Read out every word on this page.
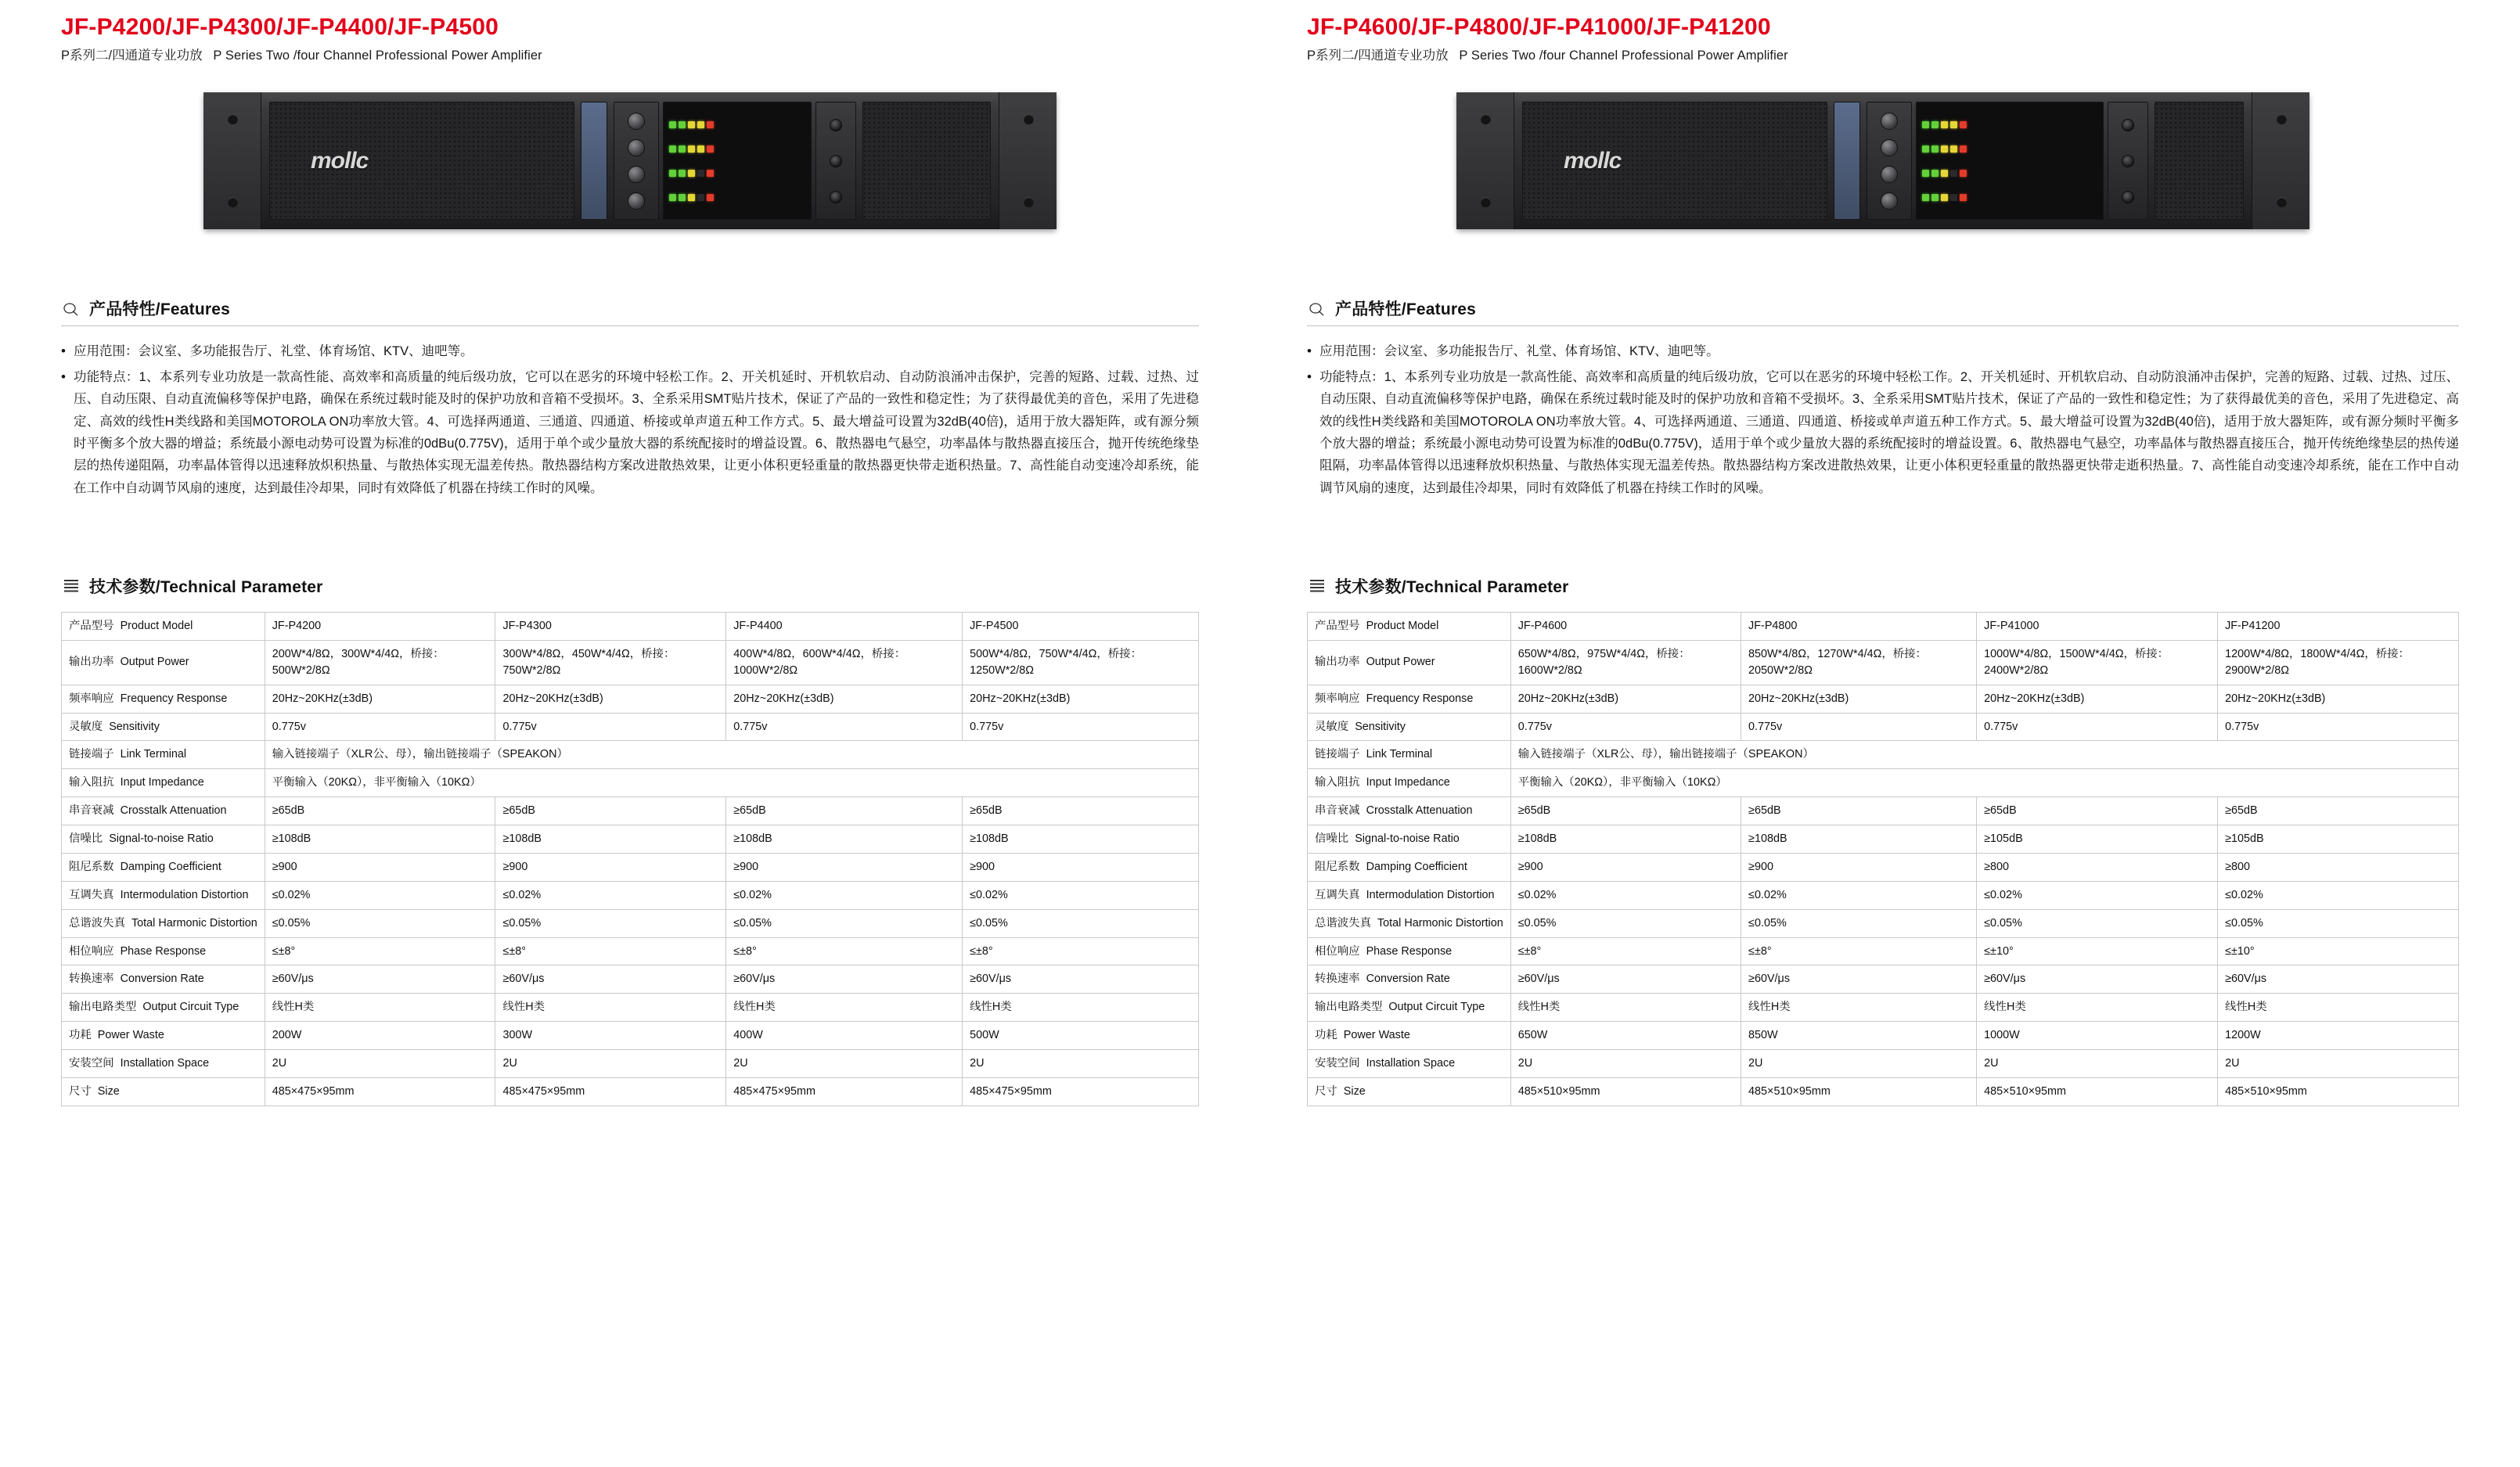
JF-P4200/JF-P4300/JF-P4400/JF-P4500

P系列二/四通道专业功放 P Series Two /four Channel Professional Power Amplifier

mollc
产品特性/Features
• 应用范围：会议室、多功能报告厅、礼堂、体育场馆、KTV、迪吧等。
• 功能特点：1、本系列专业功放是一款高性能、高效率和高质量的纯后级功放，它可以在恶劣的环境中轻松工作。2、开关机延时、开机软启动、自动防浪涌冲击保护，完善的短路、过载、过热、过压、自动压限、自动直流偏移等保护电路，确保在系统过载时能及时的保护功放和音箱不受损坏。3、全系采用SMT贴片技术，保证了产品的一致性和稳定性；为了获得最优美的音色，采用了先进稳定、高效的线性H类线路和美国MOTOROLA ON功率放大管。4、可选择两通道、三通道、四通道、桥接或单声道五种工作方式。5、最大增益可设置为32dB(40倍)，适用于放大器矩阵，或有源分频时平衡多个放大器的增益；系统最小源电动势可设置为标准的0dBu(0.775V)，适用于单个或少量放大器的系统配接时的增益设置。6、散热器电气悬空，功率晶体与散热器直接压合，抛开传统绝缘垫层的热传递阻隔，功率晶体管得以迅速释放炽积热量、与散热体实现无温差传热。散热器结构方案改进散热效果，让更小体积更轻重量的散热器更快带走逝积热量。7、高性能自动变速冷却系统，能在工作中自动调节风扇的速度，达到最佳冷却果，同时有效降低了机器在持续工作时的风噪。
技术参数/Technical Parameter
产品型号 Product Model	JF-P4200	JF-P4300	JF-P4400	JF-P4500
输出功率 Output Power	200W*4/8Ω，300W*4/4Ω，桥接：500W*2/8Ω	300W*4/8Ω，450W*4/4Ω，桥接：750W*2/8Ω	400W*4/8Ω，600W*4/4Ω，桥接：1000W*2/8Ω	500W*4/8Ω，750W*4/4Ω，桥接：1250W*2/8Ω
频率响应 Frequency Response	20Hz~20KHz(±3dB)	20Hz~20KHz(±3dB)	20Hz~20KHz(±3dB)	20Hz~20KHz(±3dB)
灵敏度 Sensitivity	0.775v	0.775v	0.775v	0.775v
链接端子 Link Terminal	输入链接端子（XLR公、母），输出链接端子（SPEAKON）			
输入阻抗 Input Impedance	平衡输入（20KΩ），非平衡输入（10KΩ）			
串音衰减 Crosstalk Attenuation	≥65dB	≥65dB	≥65dB	≥65dB
信噪比 Signal-to-noise Ratio	≥108dB	≥108dB	≥108dB	≥108dB
阻尼系数 Damping Coefficient	≥900	≥900	≥900	≥900
互调失真 Intermodulation Distortion	≤0.02%	≤0.02%	≤0.02%	≤0.02%
总谐波失真 Total Harmonic Distortion	≤0.05%	≤0.05%	≤0.05%	≤0.05%
相位响应 Phase Response	≤±8°	≤±8°	≤±8°	≤±8°
转换速率 Conversion Rate	≥60V/μs	≥60V/μs	≥60V/μs	≥60V/μs
输出电路类型 Output Circuit Type	线性H类	线性H类	线性H类	线性H类
功耗 Power Waste	200W	300W	400W	500W
安装空间 Installation Space	2U	2U	2U	2U
尺寸 Size	485×475×95mm	485×475×95mm	485×475×95mm	485×475×95mm
JF-P4600/JF-P4800/JF-P41000/JF-P41200

P系列二/四通道专业功放 P Series Two /four Channel Professional Power Amplifier

mollc
产品特性/Features
• 应用范围：会议室、多功能报告厅、礼堂、体育场馆、KTV、迪吧等。
• 功能特点：1、本系列专业功放是一款高性能、高效率和高质量的纯后级功放，它可以在恶劣的环境中轻松工作。2、开关机延时、开机软启动、自动防浪涌冲击保护，完善的短路、过载、过热、过压、自动压限、自动直流偏移等保护电路，确保在系统过载时能及时的保护功放和音箱不受损坏。3、全系采用SMT贴片技术，保证了产品的一致性和稳定性；为了获得最优美的音色，采用了先进稳定、高效的线性H类线路和美国MOTOROLA ON功率放大管。4、可选择两通道、三通道、四通道、桥接或单声道五种工作方式。5、最大增益可设置为32dB(40倍)，适用于放大器矩阵，或有源分频时平衡多个放大器的增益；系统最小源电动势可设置为标准的0dBu(0.775V)，适用于单个或少量放大器的系统配接时的增益设置。6、散热器电气悬空，功率晶体与散热器直接压合，抛开传统绝缘垫层的热传递阻隔，功率晶体管得以迅速释放炽积热量、与散热体实现无温差传热。散热器结构方案改进散热效果，让更小体积更轻重量的散热器更快带走逝积热量。7、高性能自动变速冷却系统，能在工作中自动调节风扇的速度，达到最佳冷却果，同时有效降低了机器在持续工作时的风噪。
技术参数/Technical Parameter
产品型号 Product Model	JF-P4600	JF-P4800	JF-P41000	JF-P41200
输出功率 Output Power	650W*4/8Ω，975W*4/4Ω，桥接：1600W*2/8Ω	850W*4/8Ω，1270W*4/4Ω，桥接：2050W*2/8Ω	1000W*4/8Ω，1500W*4/4Ω，桥接：2400W*2/8Ω	1200W*4/8Ω，1800W*4/4Ω，桥接：2900W*2/8Ω
频率响应 Frequency Response	20Hz~20KHz(±3dB)	20Hz~20KHz(±3dB)	20Hz~20KHz(±3dB)	20Hz~20KHz(±3dB)
灵敏度 Sensitivity	0.775v	0.775v	0.775v	0.775v
链接端子 Link Terminal	输入链接端子（XLR公、母），输出链接端子（SPEAKON）			
输入阻抗 Input Impedance	平衡输入（20KΩ），非平衡输入（10KΩ）			
串音衰减 Crosstalk Attenuation	≥65dB	≥65dB	≥65dB	≥65dB
信噪比 Signal-to-noise Ratio	≥108dB	≥108dB	≥105dB	≥105dB
阻尼系数 Damping Coefficient	≥900	≥900	≥800	≥800
互调失真 Intermodulation Distortion	≤0.02%	≤0.02%	≤0.02%	≤0.02%
总谐波失真 Total Harmonic Distortion	≤0.05%	≤0.05%	≤0.05%	≤0.05%
相位响应 Phase Response	≤±8°	≤±8°	≤±10°	≤±10°
转换速率 Conversion Rate	≥60V/μs	≥60V/μs	≥60V/μs	≥60V/μs
输出电路类型 Output Circuit Type	线性H类	线性H类	线性H类	线性H类
功耗 Power Waste	650W	850W	1000W	1200W
安装空间 Installation Space	2U	2U	2U	2U
尺寸 Size	485×510×95mm	485×510×95mm	485×510×95mm	485×510×95mm
